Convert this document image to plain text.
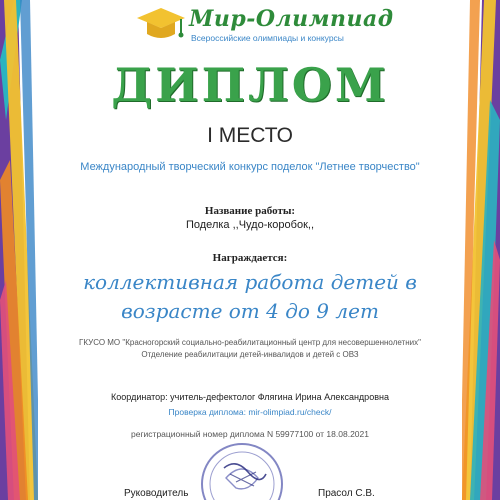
Мир-Олимпиад
Всероссийские олимпиады и конкурсы
ДИПЛОМ
I МЕСТО
Международный творческий конкурс поделок "Летнее творчество"
Название работы:
Поделка ,,Чудо-коробок,,
Награждается:
коллективная работа детей в возрасте от 4 до 9 лет
ГКУСО МО "Красногорский социально-реабилитационный центр для несовершеннолетних" Отделение реабилитации детей-инвалидов и детей с ОВЗ
Координатор: учитель-дефектолог Флягина Ирина Александровна
Проверка диплома: mir-olimpiad.ru/check/
регистрационный номер диплома N 59977100 от 18.08.2021
Руководитель	Прасол С.В.
